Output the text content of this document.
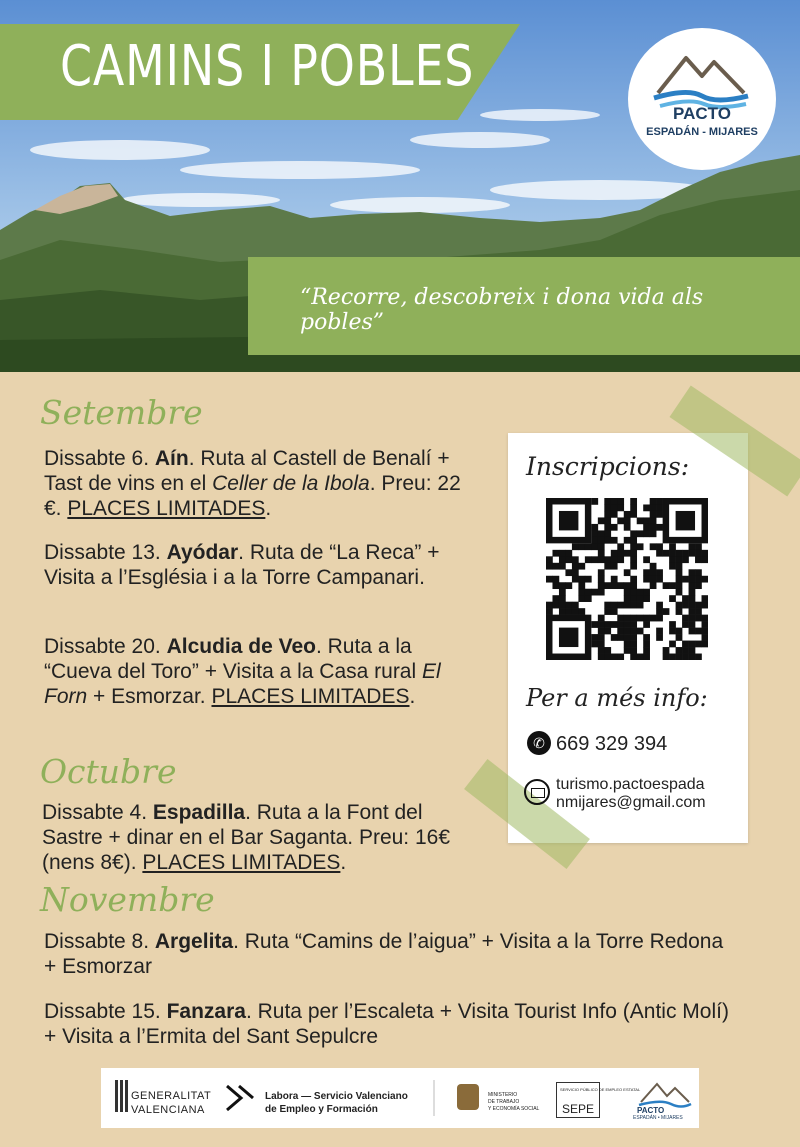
CAMINS I POBLES
“Recorre, descobreix i dona vida als pobles”
PACTO
ESPADÁN - MIJARES
Setembre
Dissabte 6. Aín. Ruta al Castell de Benalí + Tast de vins en el Celler de la Ibola. Preu: 22 €. PLACES LIMITADES.
Dissabte 13. Ayódar. Ruta de “La Reca” + Visita a l’Església i a la Torre Campanari.
Dissabte 20. Alcudia de Veo. Ruta a la “Cueva del Toro” + Visita a la Casa rural El Forn + Esmorzar. PLACES LIMITADES.
Octubre
Dissabte 4. Espadilla. Ruta a la Font del Sastre + dinar en el Bar Saganta. Preu: 16€ (nens 8€). PLACES LIMITADES.
Novembre
Dissabte 8. Argelita. Ruta “Camins de l’aigua” + Visita a la Torre Redona + Esmorzar
Dissabte 15. Fanzara. Ruta per l’Escaleta + Visita Tourist Info (Antic Molí) + Visita a l’Ermita del Sant Sepulcre
Inscripcions:
Per a més info:
✆ 669 329 394
turismo.pactoespada
nmijares@gmail.com
GENERALITAT
VALENCIANA
Labora — Servicio Valenciano
de Empleo y Formación
MINISTERIO
DE TRABAJO
Y ECONOMÍA SOCIAL
SERVICIO PÚBLICO DE EMPLEO ESTATAL
SEPE	PACTO
ESPADÁN • MIJARES
